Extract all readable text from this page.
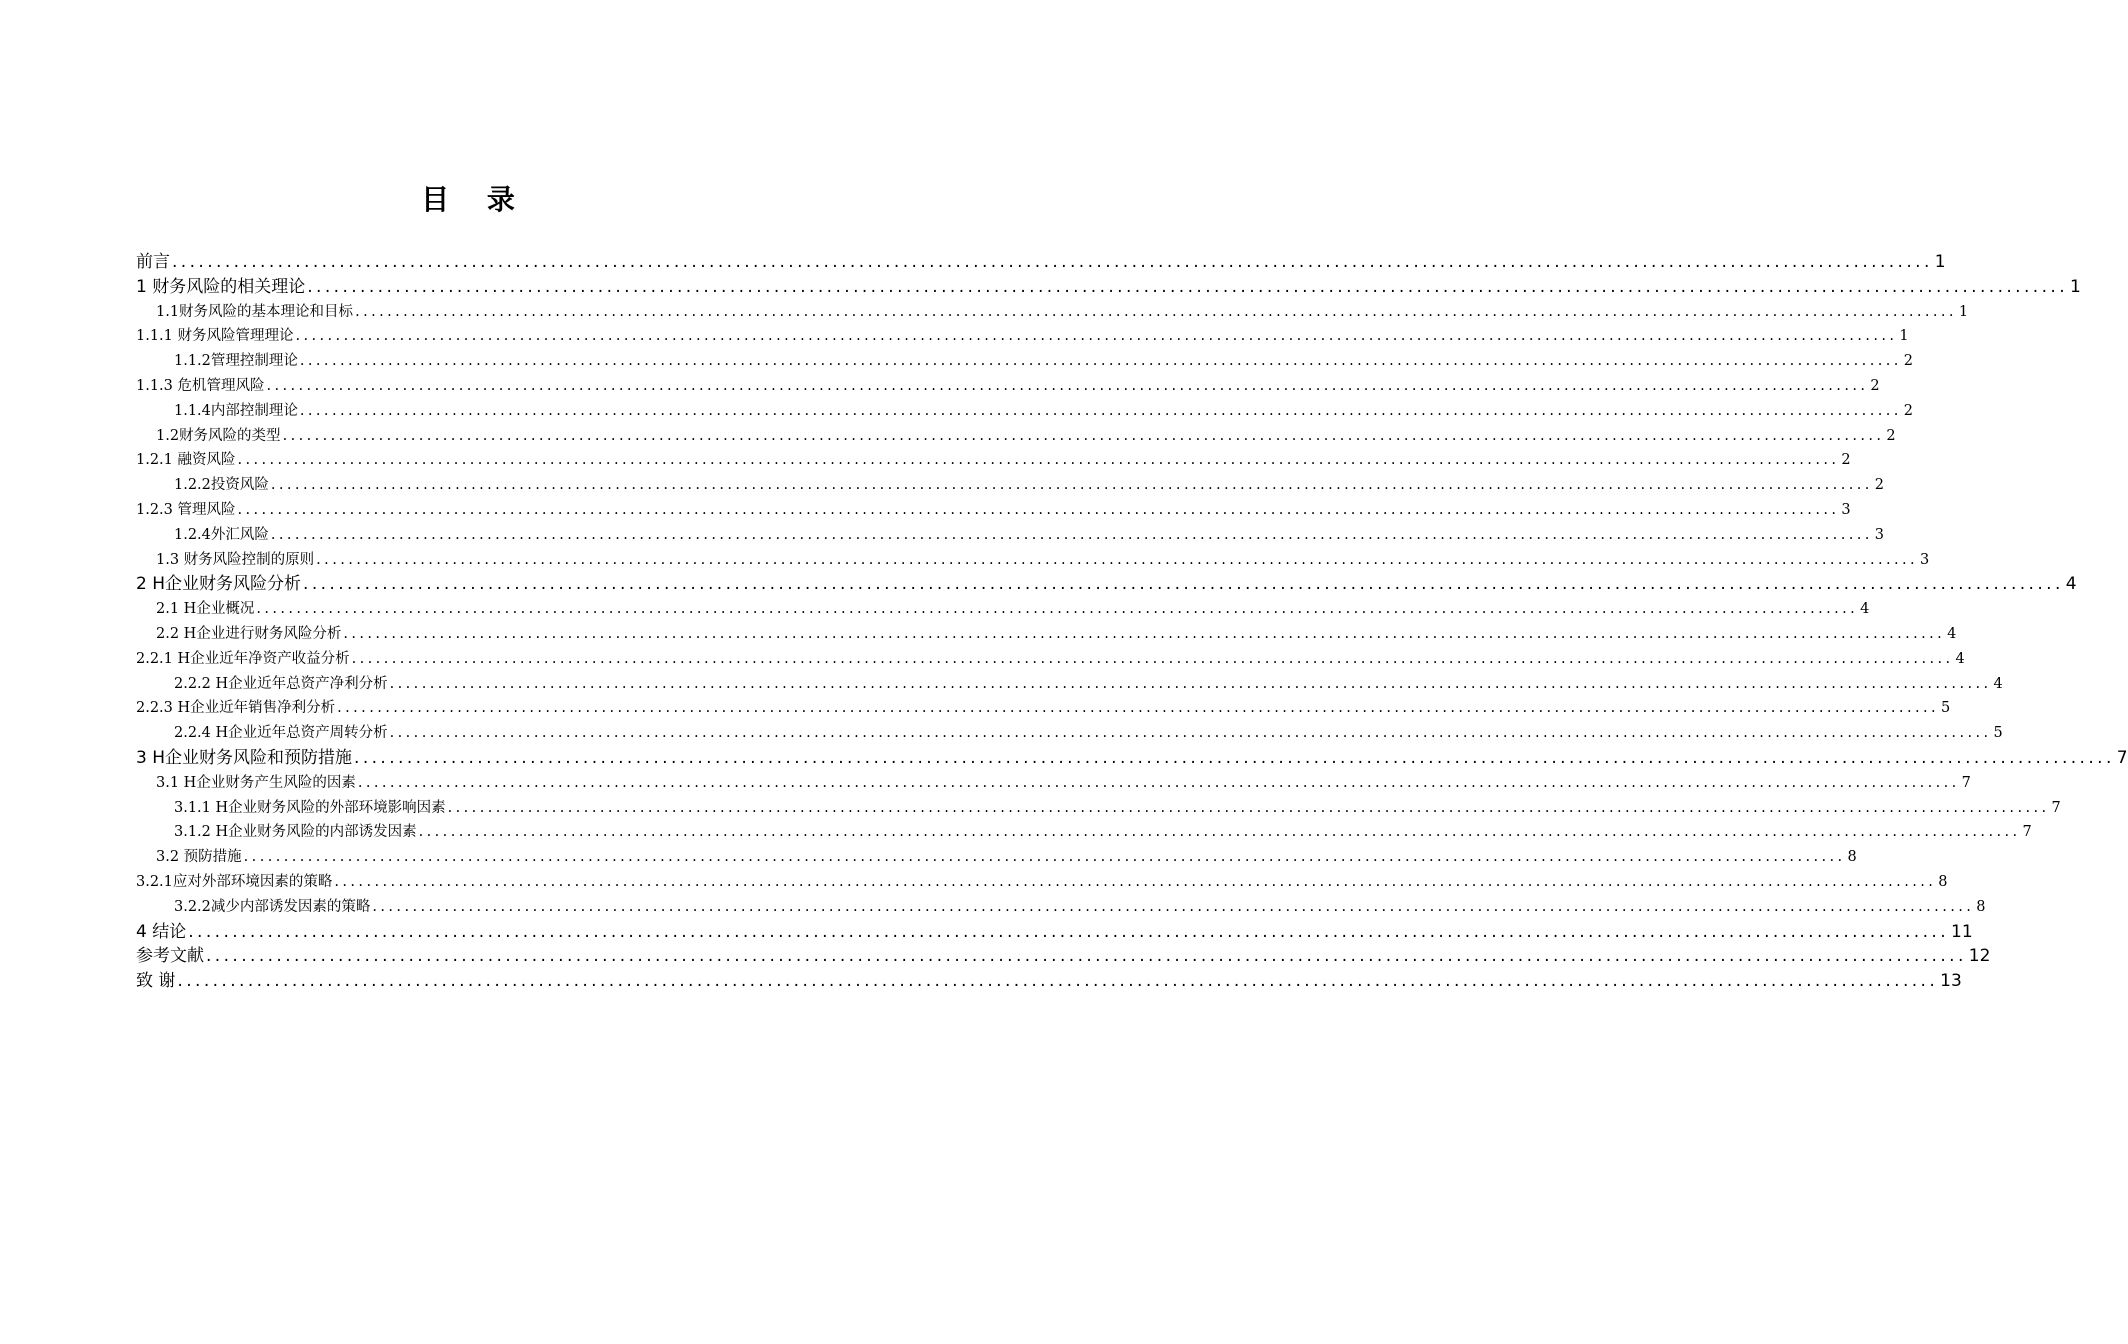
目 录
前言 ........................................................................................................................................................................................................ 1
1 财务风险的相关理论 ........................................................................................................................................................................................................ 1
1.1财务风险的基本理论和目标 ........................................................................................................................................................................................................ 1
1.1.1 财务风险管理理论 ........................................................................................................................................................................................................ 1
1.1.2管理控制理论 ........................................................................................................................................................................................................ 2
1.1.3 危机管理风险 ........................................................................................................................................................................................................ 2
1.1.4内部控制理论 ........................................................................................................................................................................................................ 2
1.2财务风险的类型 ........................................................................................................................................................................................................ 2
1.2.1 融资风险 ........................................................................................................................................................................................................ 2
1.2.2投资风险 ........................................................................................................................................................................................................ 2
1.2.3 管理风险 ........................................................................................................................................................................................................ 3
1.2.4外汇风险 ........................................................................................................................................................................................................ 3
1.3 财务风险控制的原则 ........................................................................................................................................................................................................ 3
2 H企业财务风险分析 ........................................................................................................................................................................................................ 4
2.1 H企业概况 ........................................................................................................................................................................................................ 4
2.2 H企业进行财务风险分析 ........................................................................................................................................................................................................ 4
2.2.1 H企业近年净资产收益分析 ........................................................................................................................................................................................................ 4
2.2.2 H企业近年总资产净利分析 ........................................................................................................................................................................................................ 4
2.2.3 H企业近年销售净利分析 ........................................................................................................................................................................................................ 5
2.2.4 H企业近年总资产周转分析 ........................................................................................................................................................................................................ 5
3 H企业财务风险和预防措施 ........................................................................................................................................................................................................ 7
3.1 H企业财务产生风险的因素 ........................................................................................................................................................................................................ 7
3.1.1 H企业财务风险的外部环境影响因素 ........................................................................................................................................................................................................ 7
3.1.2 H企业财务风险的内部诱发因素 ........................................................................................................................................................................................................ 7
3.2 预防措施 ........................................................................................................................................................................................................ 8
3.2.1应对外部环境因素的策略 ........................................................................................................................................................................................................ 8
3.2.2减少内部诱发因素的策略 ........................................................................................................................................................................................................ 8
4 结论 ........................................................................................................................................................................................................ 11
参考文献 ........................................................................................................................................................................................................ 12
致 谢 ........................................................................................................................................................................................................ 13
